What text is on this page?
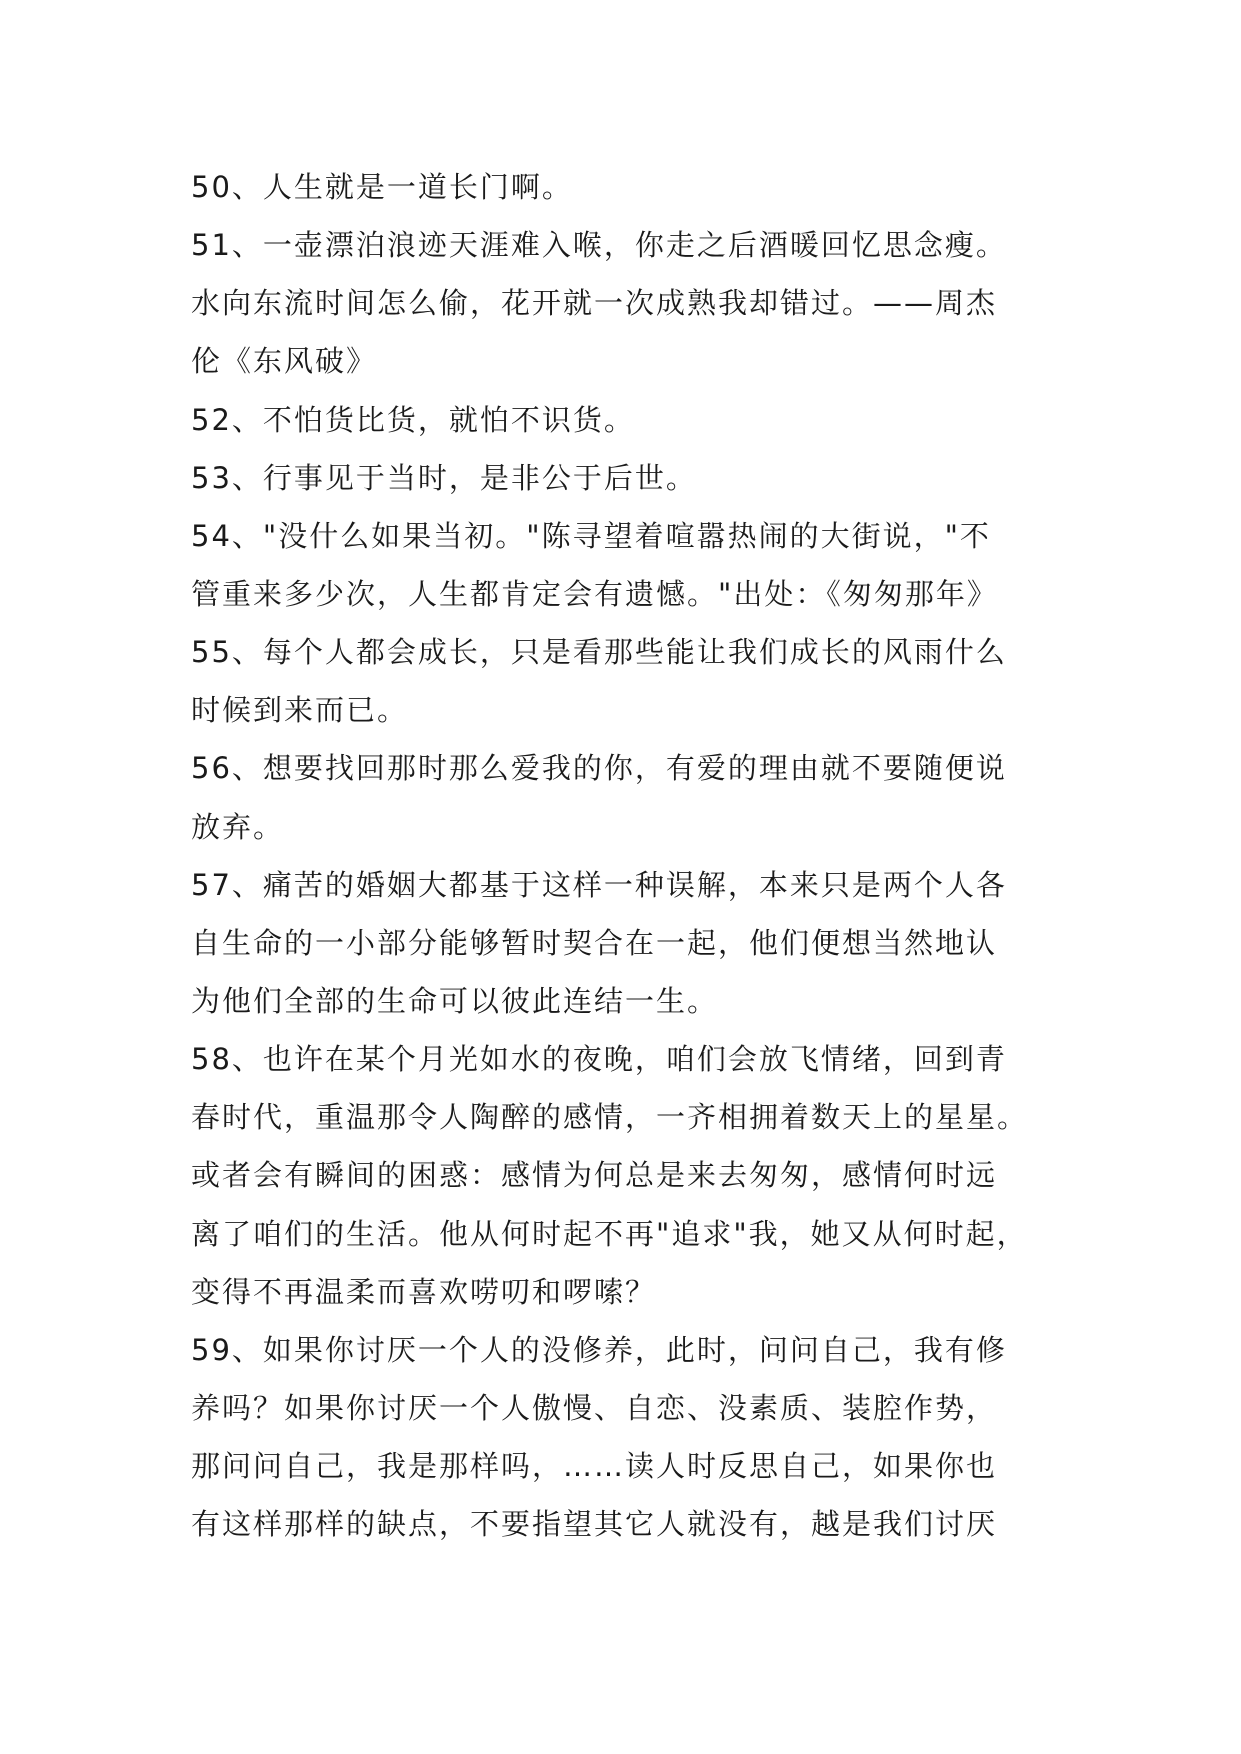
50、人生就是一道长门啊。
51、一壶漂泊浪迹天涯难入喉，你走之后酒暖回忆思念瘦。
水向东流时间怎么偷，花开就一次成熟我却错过。——周杰
伦《东风破》
52、不怕货比货，就怕不识货。
53、行事见于当时，是非公于后世。
54、"没什么如果当初。"陈寻望着喧嚣热闹的大街说，"不
管重来多少次，人生都肯定会有遗憾。"出处：《匆匆那年》
55、每个人都会成长，只是看那些能让我们成长的风雨什么
时候到来而已。
56、想要找回那时那么爱我的你，有爱的理由就不要随便说
放弃。
57、痛苦的婚姻大都基于这样一种误解，本来只是两个人各
自生命的一小部分能够暂时契合在一起，他们便想当然地认
为他们全部的生命可以彼此连结一生。
58、也许在某个月光如水的夜晚，咱们会放飞情绪，回到青
春时代，重温那令人陶醉的感情，一齐相拥着数天上的星星。
或者会有瞬间的困惑：感情为何总是来去匆匆，感情何时远
离了咱们的生活。他从何时起不再"追求"我，她又从何时起，
变得不再温柔而喜欢唠叨和啰嗦？
59、如果你讨厌一个人的没修养，此时，问问自己，我有修
养吗？如果你讨厌一个人傲慢、自恋、没素质、装腔作势，
那问问自己，我是那样吗，……读人时反思自己，如果你也
有这样那样的缺点，不要指望其它人就没有，越是我们讨厌
